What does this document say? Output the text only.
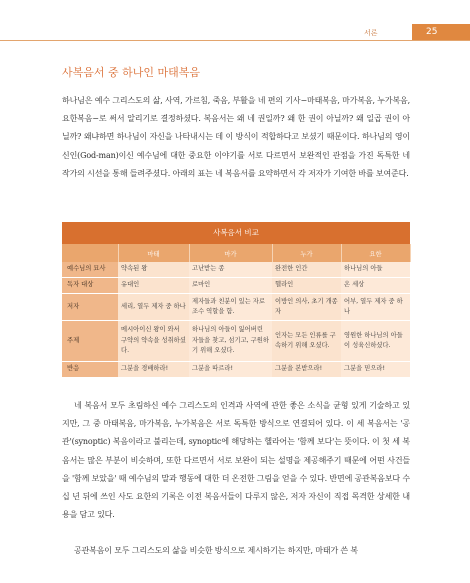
서론	25
사복음서 중 하나인 마태복음

하나님은 예수 그리스도의 삶, 사역, 가르침, 죽음, 부활을 네 편의 기사−마태복음, 마가복음, 누가복음, 요한복음−로 써서 알리기로 결정하셨다. 복음서는 왜 네 권일까? 왜 한 권이 아닐까? 왜 일곱 권이 아닐까? 왜냐하면 하나님이 자신을 나타내시는 데 이 방식이 적합하다고 보셨기 때문이다. 하나님의 영이 신인(God-man)이신 예수님에 대한 중요한 이야기를 서로 다르면서 보완적인 관점을 가진 독특한 네 작가의 시선을 통해 들려주셨다. 아래의 표는 네 복음서를 요약하면서 각 저자가 기여한 바를 보여준다.

사복음서 비교
	마태	마가	누가	요한
예수님의 묘사	약속된 왕	고난받는 종	완전한 인간	하나님의 아들
독자 대상	유대인	로마인	헬라인	온 세상
저자	세리, 열두 제자 중 하나	제자들과 친분이 있는 자로 조수 역할을 함.	이방인 의사, 초기 개종자	어부, 열두 제자 중 하나
주제	메시아이신 왕이 와서 구약의 약속을 성취하셨다.	하나님의 아들이 잃어버린 자들을 찾고, 섬기고, 구원하기 위해 오셨다.	인자는 모든 인류를 구속하기 위해 오셨다.	영원한 하나님의 아들이 성육신하셨다.
반응	그분을 경배하라!	그분을 따르라!	그분을 본받으라!	그분을 믿으라!

네 복음서 모두 초림하신 예수 그리스도의 인격과 사역에 관한 좋은 소식을 균형 있게 기술하고 있지만, 그 중 마태복음, 마가복음, 누가복음은 서로 독특한 방식으로 연결되어 있다. 이 세 복음서는 '공관'(synoptic) 복음이라고 불리는데, synoptic에 해당하는 헬라어는 '함께 보다'는 뜻이다. 이 첫 세 복음서는 많은 부분이 비슷하며, 또한 다르면서 서로 보완이 되는 설명을 제공해주기 때문에 어떤 사건들을 '함께 보았을' 때 예수님의 말과 행동에 대한 더 온전한 그림을 얻을 수 있다. 반면에 공관복음보다 수십 년 뒤에 쓰인 사도 요한의 기록은 이전 복음서들이 다루지 않은, 저자 자신이 직접 목격한 상세한 내용을 담고 있다.

공관복음이 모두 그리스도의 삶을 비슷한 방식으로 제시하기는 하지만, 마태가 쓴 복
